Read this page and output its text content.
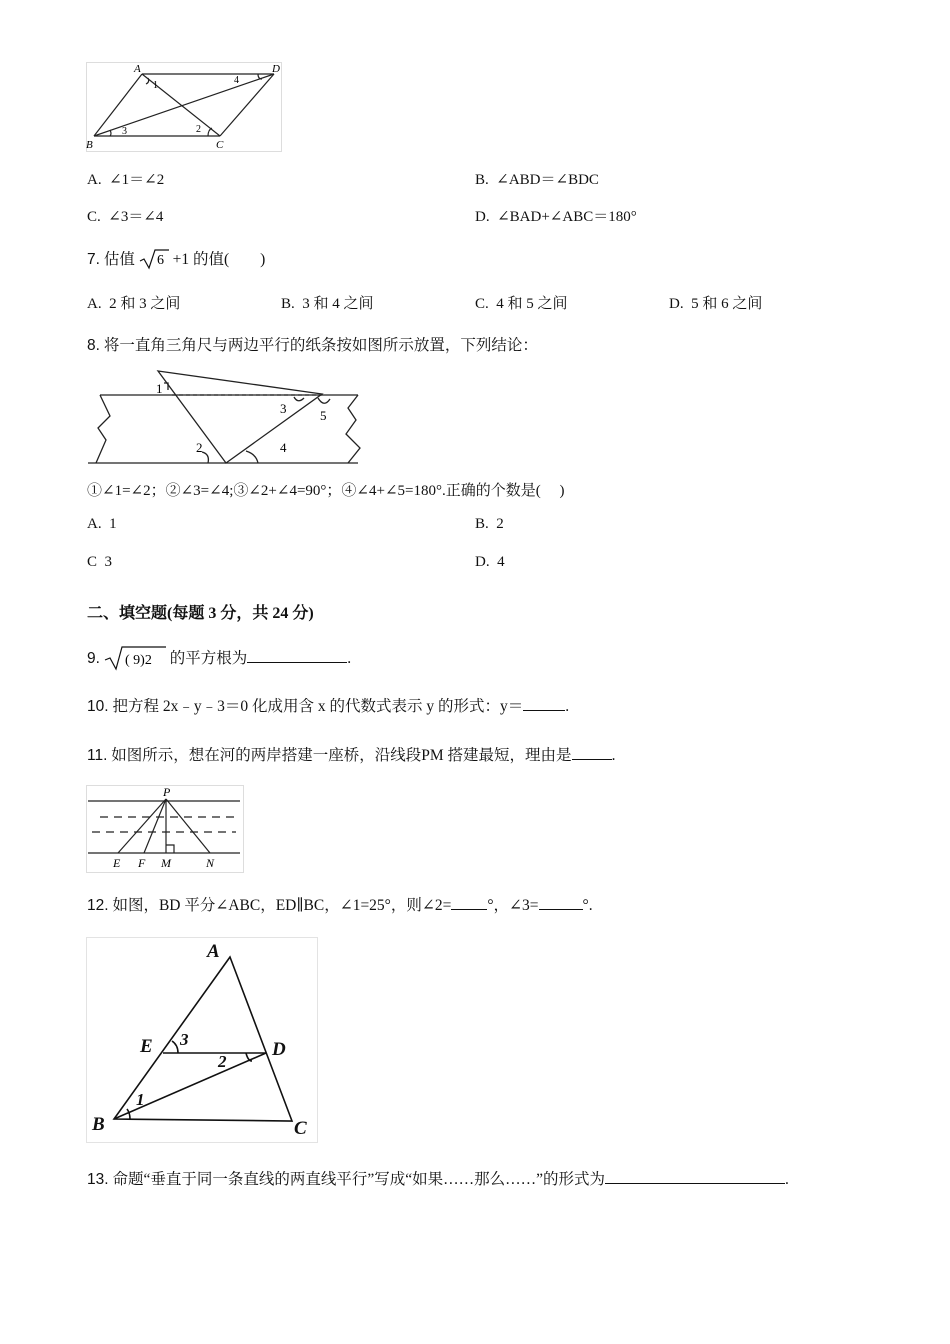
A	D
B	C
1
2
3
4
A. ∠1＝∠2	B. ∠ABD＝∠BDC
C. ∠3＝∠4	D. ∠BAD+∠ABC＝180°
7. 估值 6 +1 的值(　　)
A. 2 和 3 之间	B. 3 和 4 之间	C. 4 和 5 之间	D. 5 和 6 之间
8. 将一直角三角尺与两边平行的纸条按如图所示放置，下列结论：
1
2
3
4
5
①∠1=∠2；②∠3=∠4;③∠2+∠4=90°；④∠4+∠5=180°.正确的个数是(　 )
A. 1	B. 2
C 3	D. 4
二、填空题(每题 3 分，共 24 分)
9. ( 9)2 的平方根为	.
10. 把方程 2x﹣y﹣3＝0 化成用含 x 的代数式表示 y 的形式：y＝	.
11. 如图所示，想在河的两岸搭建一座桥，沿线段PM 搭建最短，理由是	.
P
E F M	N
12. 如图，BD 平分∠ABC，ED∥BC，∠1=25°，则∠2= °，∠3=	°.
A
E	D
B	C
1
2
3
13. 命题“垂直于同一条直线的两直线平行”写成“如果……那么……”的形式为	.
